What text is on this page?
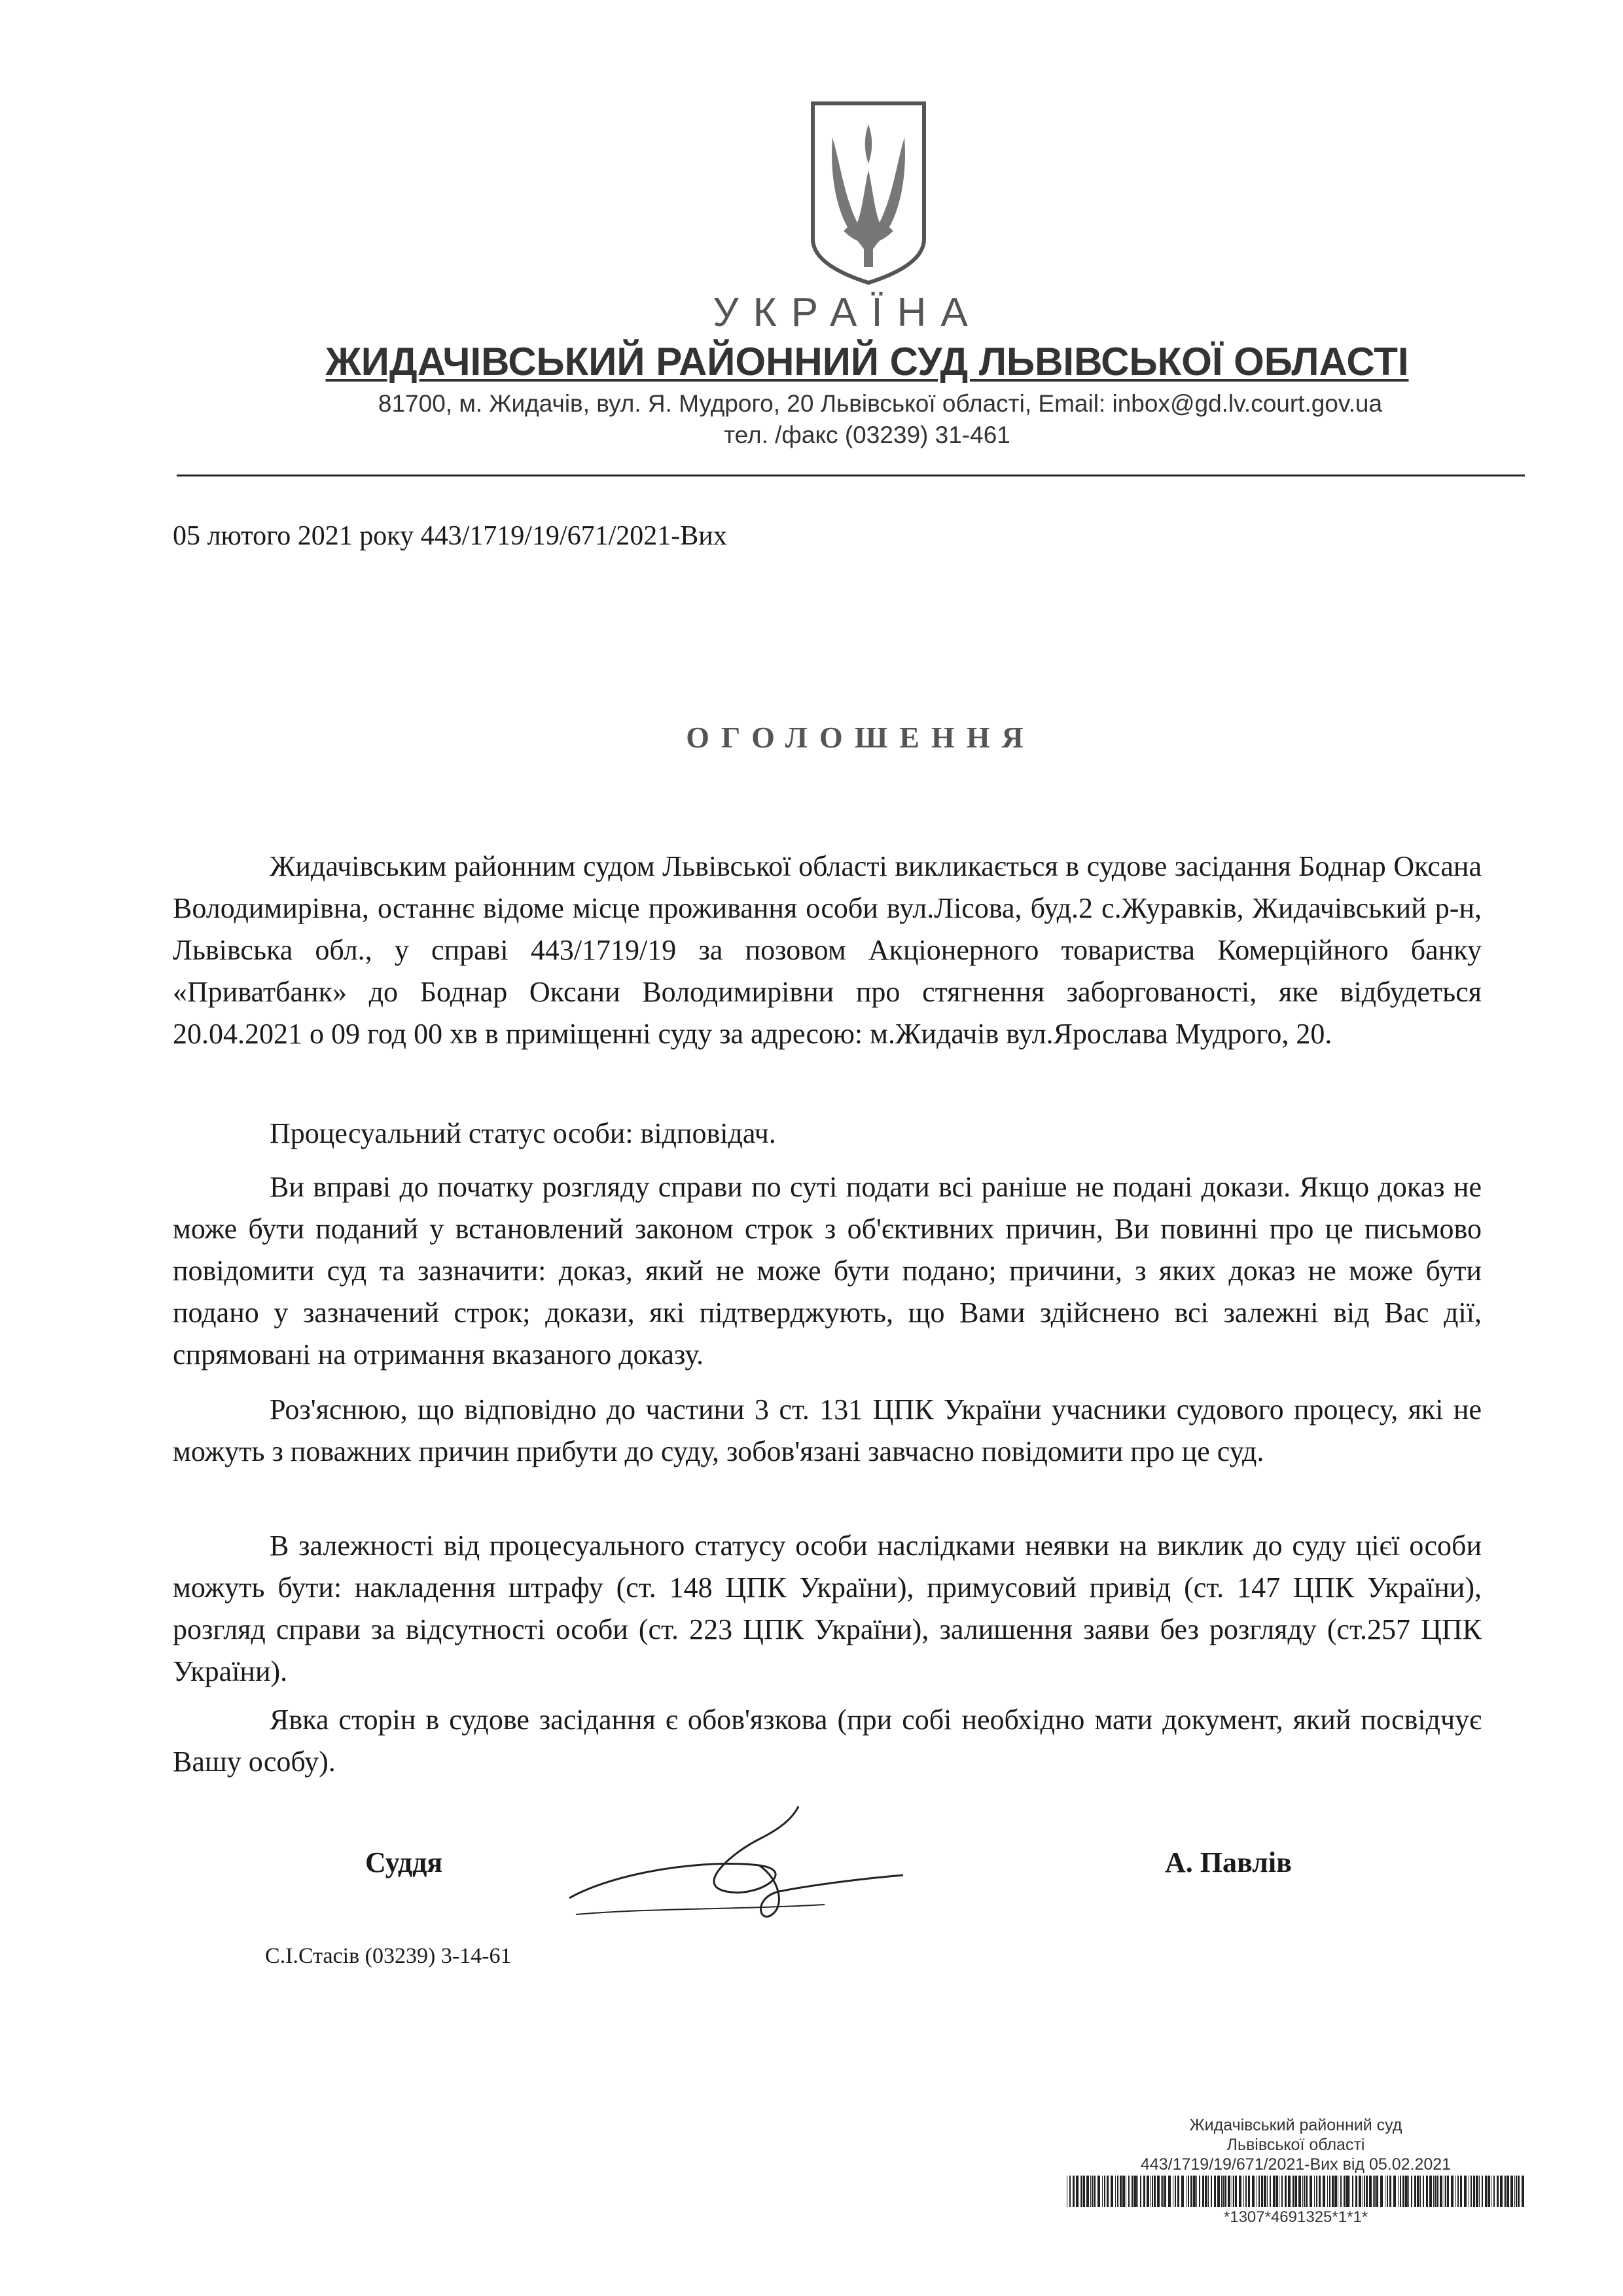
УКРАЇНА
ЖИДАЧІВСЬКИЙ РАЙОННИЙ СУД ЛЬВІВСЬКОЇ ОБЛАСТІ
81700, м. Жидачів, вул. Я. Мудрого, 20 Львівської області, Email: inbox@gd.lv.court.gov.ua
тел. /факс (03239) 31-461
05 лютого 2021 року 443/1719/19/671/2021-Вих
ОГОЛОШЕННЯ

Жидачівським районним судом Львівської області викликається в судове засідання Боднар Оксана Володимирівна, останнє відоме місце проживання особи вул.Лісова, буд.2 с.Журавків, Жидачівський р-н, Львівська обл., у справі 443/1719/19 за позовом Акціонерного товариства Комерційного банку «Приватбанк» до Боднар Оксани Володимирівни про стягнення заборгованості, яке відбудеться 20.04.2021 о 09 год 00 хв в приміщенні суду за адресою: м.Жидачів вул.Ярослава Мудрого, 20.

Процесуальний статус особи: відповідач.

Ви вправі до початку розгляду справи по суті подати всі раніше не подані докази. Якщо доказ не може бути поданий у встановлений законом строк з об'єктивних причин, Ви повинні про це письмово повідомити суд та зазначити: доказ, який не може бути подано; причини, з яких доказ не може бути подано у зазначений строк; докази, які підтверджують, що Вами здійснено всі залежні від Вас дії, спрямовані на отримання вказаного доказу.

Роз'яснюю, що відповідно до частини 3 ст. 131 ЦПК України учасники судового процесу, які не можуть з поважних причин прибути до суду, зобов'язані завчасно повідомити про це суд.

В залежності від процесуального статусу особи наслідками неявки на виклик до суду цієї особи можуть бути: накладення штрафу (ст. 148 ЦПК України), примусовий привід (ст. 147 ЦПК України), розгляд справи за відсутності особи (ст. 223 ЦПК України), залишення заяви без розгляду (ст.257 ЦПК України).

Явка сторін в судове засідання є обов'язкова (при собі необхідно мати документ, який посвідчує Вашу особу).

Суддя	А. Павлів
С.І.Стасів (03239) 3-14-61
Жидачівський районний суд
Львівської області
443/1719/19/671/2021-Вих від 05.02.2021
*1307*4691325*1*1*
